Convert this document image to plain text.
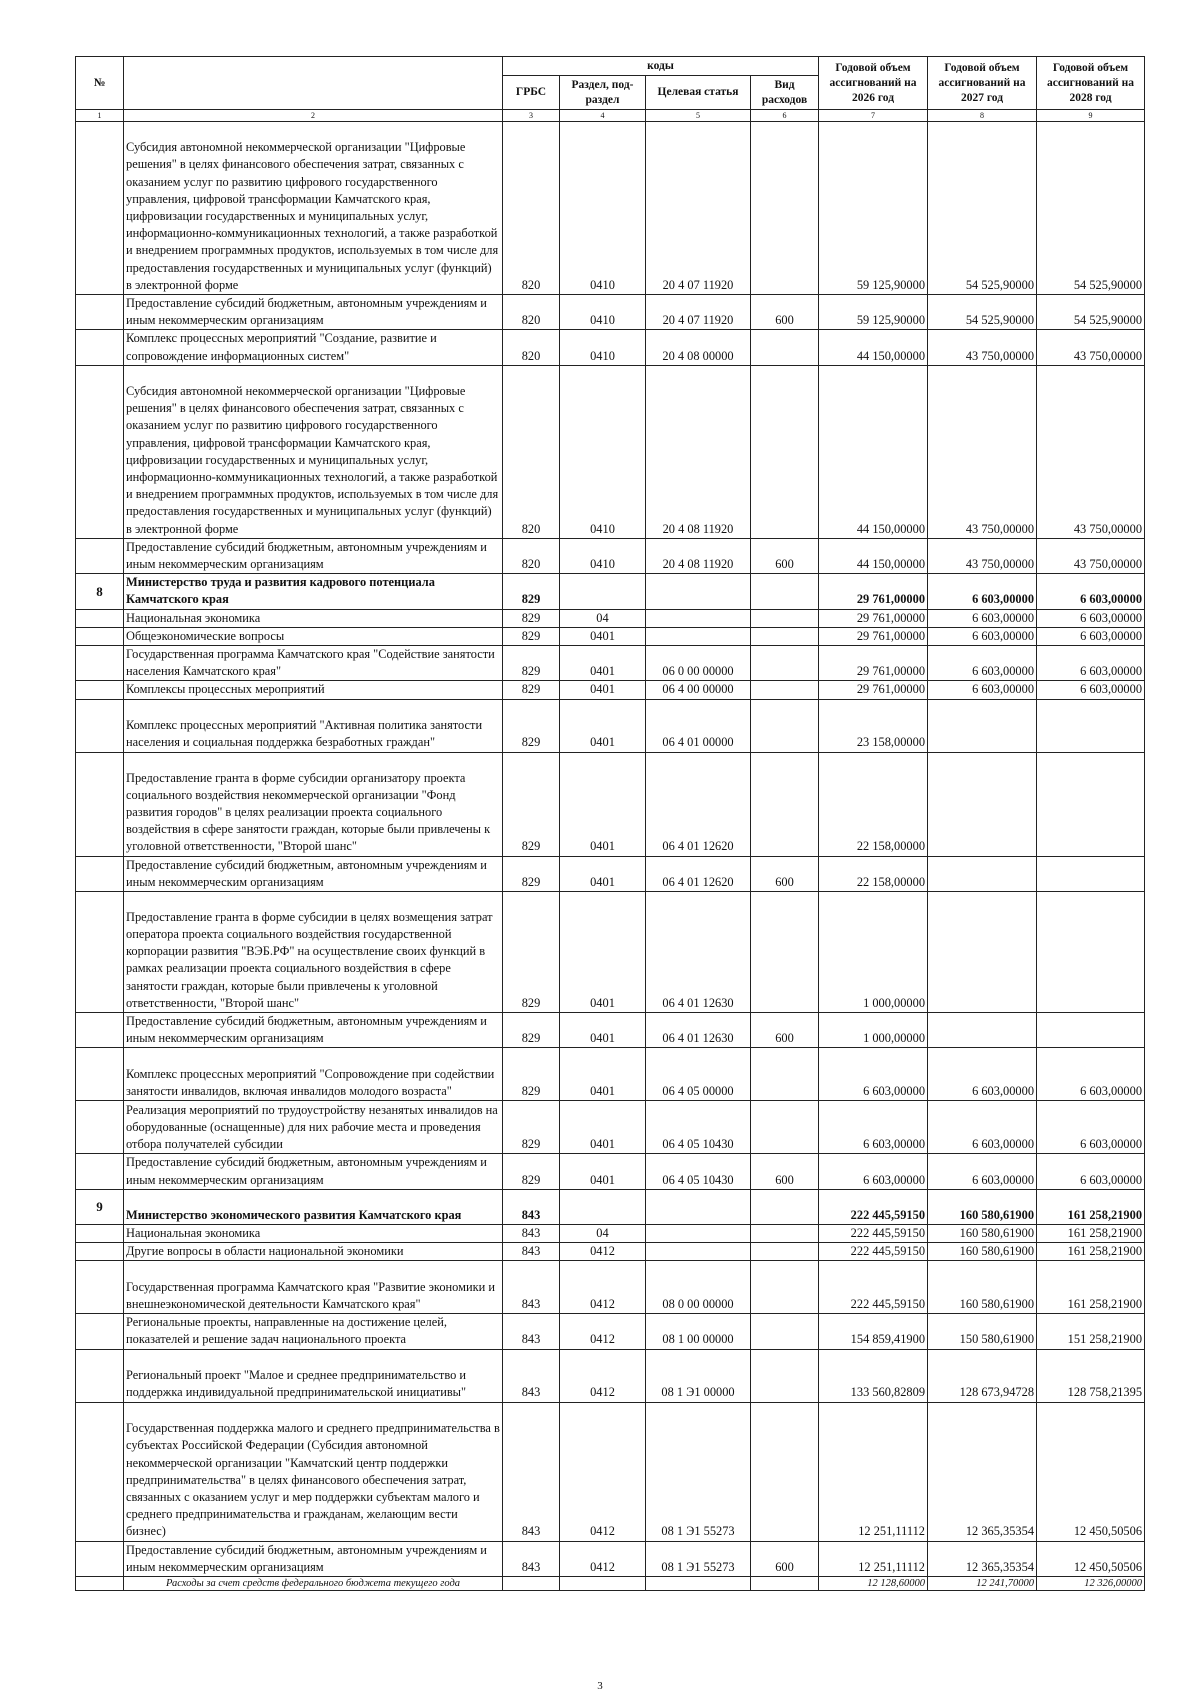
№		коды				Годовой объем ассигнований на 2026 год	Годовой объем ассигнований на 2027 год	Годовой объем ассигнований на 2028 год
		ГРБС	Раздел, под-раздел	Целевая статья	Вид расходов			
1	2	3	4	5	6	7	8	9
	Субсидия автономной некоммерческой организации "Цифровые решения" в целях финансового обеспечения затрат, связанных с оказанием услуг по развитию цифрового государственного управления, цифровой трансформации Камчатского края, цифровизации государственных и муниципальных услуг, информационно-коммуникационных технологий, а также разработкой и внедрением программных продуктов, используемых в том числе для предоставления государственных и муниципальных услуг (функций) в электронной форме	820	0410	20 4 07 11920		59 125,90000	54 525,90000	54 525,90000
	Предоставление субсидий бюджетным, автономным учреждениям и иным некоммерческим организациям	820	0410	20 4 07 11920	600	59 125,90000	54 525,90000	54 525,90000
	Комплекс процессных мероприятий "Создание, развитие и сопровождение информационных систем"	820	0410	20 4 08 00000		44 150,00000	43 750,00000	43 750,00000
	Субсидия автономной некоммерческой организации "Цифровые решения" в целях финансового обеспечения затрат, связанных с оказанием услуг по развитию цифрового государственного управления, цифровой трансформации Камчатского края, цифровизации государственных и муниципальных услуг, информационно-коммуникационных технологий, а также разработкой и внедрением программных продуктов, используемых в том числе для предоставления государственных и муниципальных услуг (функций) в электронной форме	820	0410	20 4 08 11920		44 150,00000	43 750,00000	43 750,00000
	Предоставление субсидий бюджетным, автономным учреждениям и иным некоммерческим организациям	820	0410	20 4 08 11920	600	44 150,00000	43 750,00000	43 750,00000
8	Министерство труда и развития кадрового потенциала Камчатского края	829				29 761,00000	6 603,00000	6 603,00000
	Национальная экономика	829	04			29 761,00000	6 603,00000	6 603,00000
	Общеэкономические вопросы	829	0401			29 761,00000	6 603,00000	6 603,00000
	Государственная программа Камчатского края "Содействие занятости населения Камчатского края"	829	0401	06 0 00 00000		29 761,00000	6 603,00000	6 603,00000
	Комплексы процессных мероприятий	829	0401	06 4 00 00000		29 761,00000	6 603,00000	6 603,00000
	Комплекс процессных мероприятий "Активная политика занятости населения и социальная поддержка безработных граждан"	829	0401	06 4 01 00000		23 158,00000		
	Предоставление гранта в форме субсидии организатору проекта социального воздействия некоммерческой организации "Фонд развития городов" в целях реализации проекта социального воздействия в сфере занятости граждан, которые были привлечены к уголовной ответственности, "Второй шанс"	829	0401	06 4 01 12620		22 158,00000		
	Предоставление субсидий бюджетным, автономным учреждениям и иным некоммерческим организациям	829	0401	06 4 01 12620	600	22 158,00000		
	Предоставление гранта в форме субсидии в целях возмещения затрат оператора проекта социального воздействия государственной корпорации развития "ВЭБ.РФ" на осуществление своих функций в рамках реализации проекта социального воздействия в сфере занятости граждан, которые были привлечены к уголовной ответственности, "Второй шанс"	829	0401	06 4 01 12630		1 000,00000		
	Предоставление субсидий бюджетным, автономным учреждениям и иным некоммерческим организациям	829	0401	06 4 01 12630	600	1 000,00000		
	Комплекс процессных мероприятий "Сопровождение при содействии занятости инвалидов, включая инвалидов молодого возраста"	829	0401	06 4 05 00000		6 603,00000	6 603,00000	6 603,00000
	Реализация мероприятий по трудоустройству незанятых инвалидов на оборудованные (оснащенные) для них рабочие места и проведения отбора получателей субсидии	829	0401	06 4 05 10430		6 603,00000	6 603,00000	6 603,00000
	Предоставление субсидий бюджетным, автономным учреждениям и иным некоммерческим организациям	829	0401	06 4 05 10430	600	6 603,00000	6 603,00000	6 603,00000
9	Министерство экономического развития Камчатского края	843				222 445,59150	160 580,61900	161 258,21900
	Национальная экономика	843	04			222 445,59150	160 580,61900	161 258,21900
	Другие вопросы в области национальной экономики	843	0412			222 445,59150	160 580,61900	161 258,21900
	Государственная программа Камчатского края "Развитие экономики и внешнеэкономической деятельности Камчатского края"	843	0412	08 0 00 00000		222 445,59150	160 580,61900	161 258,21900
	Региональные проекты, направленные на достижение целей, показателей и решение задач национального проекта	843	0412	08 1 00 00000		154 859,41900	150 580,61900	151 258,21900
	Региональный проект "Малое и среднее предпринимательство и поддержка индивидуальной предпринимательской инициативы"	843	0412	08 1 Э1 00000		133 560,82809	128 673,94728	128 758,21395
	Государственная поддержка малого и среднего предпринимательства в субъектах Российской Федерации (Субсидия автономной некоммерческой организации "Камчатский центр поддержки предпринимательства" в целях финансового обеспечения затрат, связанных с оказанием услуг и мер поддержки субъектам малого и среднего предпринимательства и гражданам, желающим вести бизнес)	843	0412	08 1 Э1 55273		12 251,11112	12 365,35354	12 450,50506
	Предоставление субсидий бюджетным, автономным учреждениям и иным некоммерческим организациям	843	0412	08 1 Э1 55273	600	12 251,11112	12 365,35354	12 450,50506
	Расходы за счет средств федерального бюджета текущего года					12 128,60000	12 241,70000	12 326,00000
3
